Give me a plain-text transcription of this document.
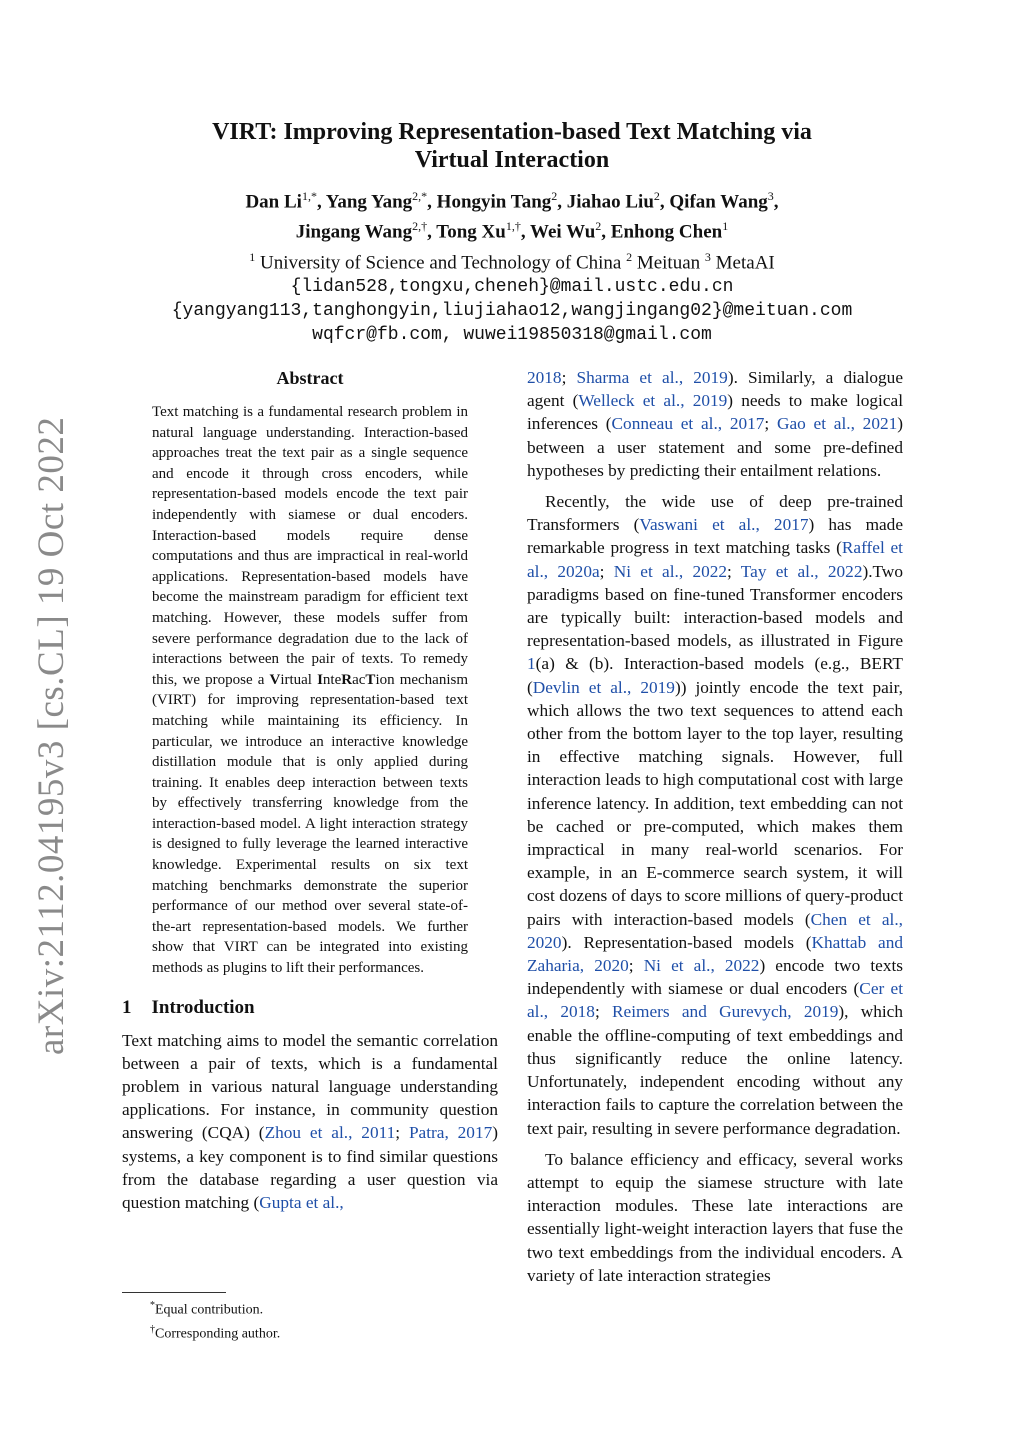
arXiv:2112.04195v3 [cs.CL] 19 Oct 2022
VIRT: Improving Representation-based Text Matching via
Virtual Interaction
Dan $Li^{1,*}$, Yang Yang$^{2,*}$, Hongyin Tang$^2$, Jiahao Liu$^2$, Qifan Wang$^3$,
Jingang Wang$^{2,\dagger}$, Tong $Xu^{1,\dagger}$, Wei Wu$^2$, Enhong Chen$^1$
$^1$ University of Science and Technology of China $^2$ Meituan $^3$ MetaAI
{lidan528,tongxu,cheneh}@mail.ustc.edu.cn
{yangyang113,tanghongyin,liujiahao12,wangjingang02}@meituan.com
wqfcr@fb.com, wuwei19850318@gmail.com
Abstract

Text matching is a fundamental research problem in natural language understanding. Interaction-based approaches treat the text pair as a single sequence and encode it through cross encoders, while representation-based models encode the text pair independently with siamese or dual encoders. Interaction-based models require dense computations and thus are impractical in real-world applications. Representation-based models have become the mainstream paradigm for efficient text matching. However, these models suffer from severe performance degradation due to the lack of interactions between the pair of texts. To remedy this, we propose a Virtual InteRacTion mechanism (VIRT) for improving representation-based text matching while maintaining its efficiency. In particular, we introduce an interactive knowledge distillation module that is only applied during training. It enables deep interaction between texts by effectively transferring knowledge from the interaction-based model. A light interaction strategy is designed to fully leverage the learned interactive knowledge. Experimental results on six text matching benchmarks demonstrate the superior performance of our method over several state-of-the-art representation-based models. We further show that VIRT can be integrated into existing methods as plugins to lift their performances.

1 Introduction

Text matching aims to model the semantic correlation between a pair of texts, which is a fundamental problem in various natural language understanding applications. For instance, in community question answering (CQA) (Zhou et al., 2011; Patra, 2017) systems, a key component is to find similar questions from the database regarding a user question via question matching (Gupta et al.,

2018; Sharma et al., 2019). Similarly, a dialogue agent (Welleck et al., 2019) needs to make logical inferences (Conneau et al., 2017; Gao et al., 2021) between a user statement and some pre-defined hypotheses by predicting their entailment relations.

Recently, the wide use of deep pre-trained Transformers (Vaswani et al., 2017) has made remarkable progress in text matching tasks (Raffel et al., 2020a; Ni et al., 2022; Tay et al., 2022).Two paradigms based on fine-tuned Transformer encoders are typically built: interaction-based models and representation-based models, as illustrated in Figure 1(a) & (b). Interaction-based models (e.g., BERT (Devlin et al., 2019)) jointly encode the text pair, which allows the two text sequences to attend each other from the bottom layer to the top layer, resulting in effective matching signals. However, full interaction leads to high computational cost with large inference latency. In addition, text embedding can not be cached or pre-computed, which makes them impractical in many real-world scenarios. For example, in an E-commerce search system, it will cost dozens of days to score millions of query-product pairs with interaction-based models (Chen et al., 2020). Representation-based models (Khattab and Zaharia, 2020; Ni et al., 2022) encode two texts independently with siamese or dual encoders (Cer et al., 2018; Reimers and Gurevych, 2019), which enable the offline-computing of text embeddings and thus significantly reduce the online latency. Unfortunately, independent encoding without any interaction fails to capture the correlation between the text pair, resulting in severe performance degradation.

To balance efficiency and efficacy, several works attempt to equip the siamese structure with late interaction modules. These late interactions are essentially light-weight interaction layers that fuse the two text embeddings from the individual encoders. A variety of late interaction strategies

*Equal contribution.
†Corresponding author.
